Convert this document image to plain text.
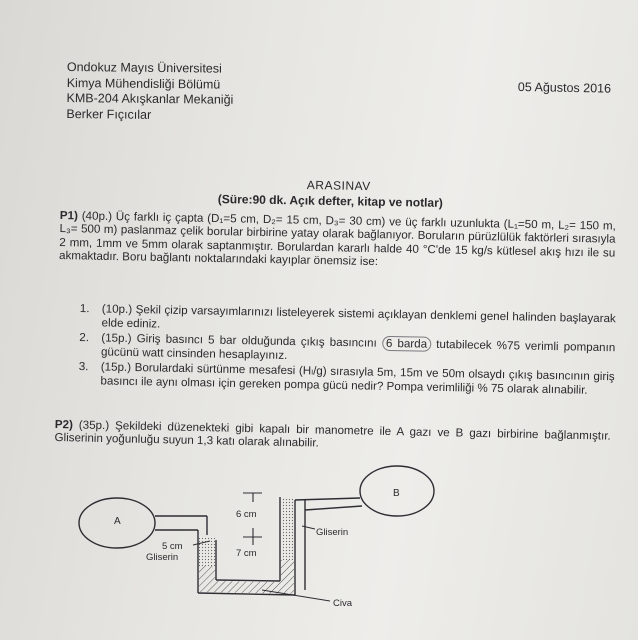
Ondokuz Mayıs Üniversitesi
Kimya Mühendisliği Bölümü
KMB-204 Akışkanlar Mekaniği
Berker Fıçıcılar
05 Ağustos 2016
ARASINAV
(Süre:90 dk. Açık defter, kitap ve notlar)
P1) (40p.) Üç farklı iç çapta (D₁=5 cm, D₂= 15 cm, D₃= 30 cm) ve üç farklı uzunlukta (L₁=50 m, L₂= 150 m, L₃= 500 m) paslanmaz çelik borular birbirine yatay olarak bağlanıyor. Boruların pürüzlülük faktörleri sırasıyla 2 mm, 1mm ve 5mm olarak saptanmıştır. Borulardan kararlı halde 40 °C'de 15 kg/s kütlesel akış hızı ile su akmaktadır. Boru bağlantı noktalarındaki kayıplar önemsiz ise:
1. (10p.) Şekil çizip varsayımlarınızı listeleyerek sistemi açıklayan denklemi genel halinden başlayarak elde ediniz.
2. (15p.) Giriş basıncı 5 bar olduğunda çıkış basıncını 6 barda tutabilecek %75 verimli pompanın gücünü watt cinsinden hesaplayınız.
3. (15p.) Borulardaki sürtünme mesafesi (Hₗ/g) sırasıyla 5m, 15m ve 50m olsaydı çıkış basıncının giriş basıncı ile aynı olması için gereken pompa gücü nedir? Pompa verimliliği % 75 olarak alınabilir.
P2) (35p.) Şekildeki düzenekteki gibi kapalı bir manometre ile A gazı ve B gazı birbirine bağlanmıştır. Gliserinin yoğunluğu suyun 1,3 katı olarak alınabilir.
6 cm
7 cm
5 cm
Gliserin
A
B
Gliserin
Civa
